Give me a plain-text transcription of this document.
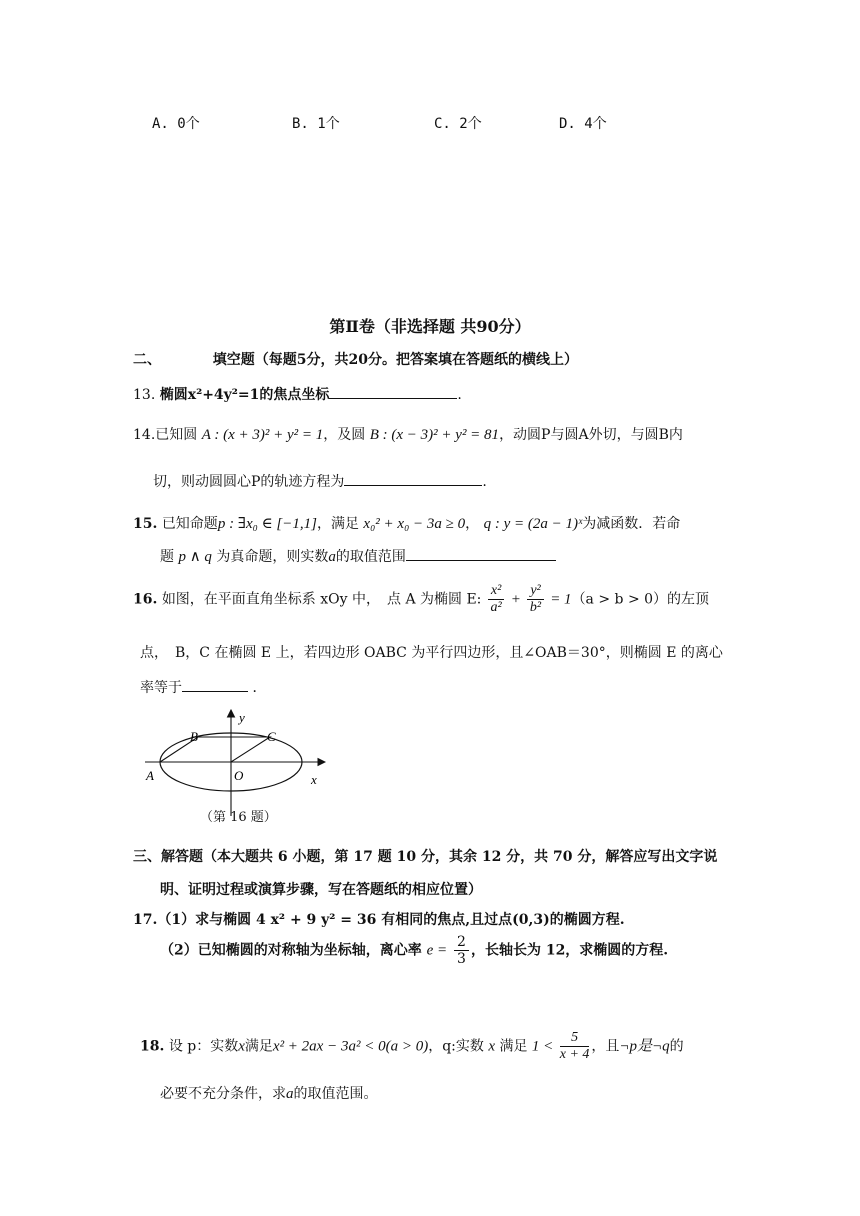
A. 0个	B. 1个	C. 2个	D. 4个
第Ⅱ卷（非选择题 共90分）
二、	填空题（每题5分，共20分。把答案填在答题纸的横线上）
13. 椭圆x²+4y²=1的焦点坐标	.
14.已知圆 A : (x + 3)² + y² = 1，及圆 B : (x − 3)² + y² = 81，动圆P与圆A外切，与圆B内
切，则动圆圆心P的轨迹方程为	.
15. 已知命题p : ∃x₀ ∈ [−1,1]，满足 x₀² + x₀ − 3a ≥ 0， q : y = (2a − 1)ˣ为减函数．若命
题 p ∧ q 为真命题，则实数a的取值范围
16. 如图，在平面直角坐标系 xOy 中，　点 A 为椭圆 E: $\frac{\text{x²}}{\text{a²}} + \frac{\text{y²}}{\text{b²}} = 1(a > b > 0)$的左顶
点，　B，C 在椭圆 E 上，若四边形 OABC 为平行四边形，且∠OAB＝30°，则椭圆 E 的离心
率等于	．
y
x
B	C
A	O
（第 16 题）
三、解答题（本大题共 6 小题，第 17 题 10 分，其余 12 分，共 70 分，解答应写出文字说
明、证明过程或演算步骤，写在答题纸的相应位置）
17.（1）求与椭圆 4 x² + 9 y² = 36 有相同的焦点,且过点(0,3)的椭圆方程.
（2）已知椭圆的对称轴为坐标轴，离心率 $e = \frac{2}{3}$ ，长轴长为 12，求椭圆的方程.
18. 设 p：实数x满足x² + 2ax − 3a² < 0(a > 0)，q:实数 x 满足 $1 < \frac{5}{x + 4}$ ，且¬p是¬q的
必要不充分条件，求a的取值范围。
